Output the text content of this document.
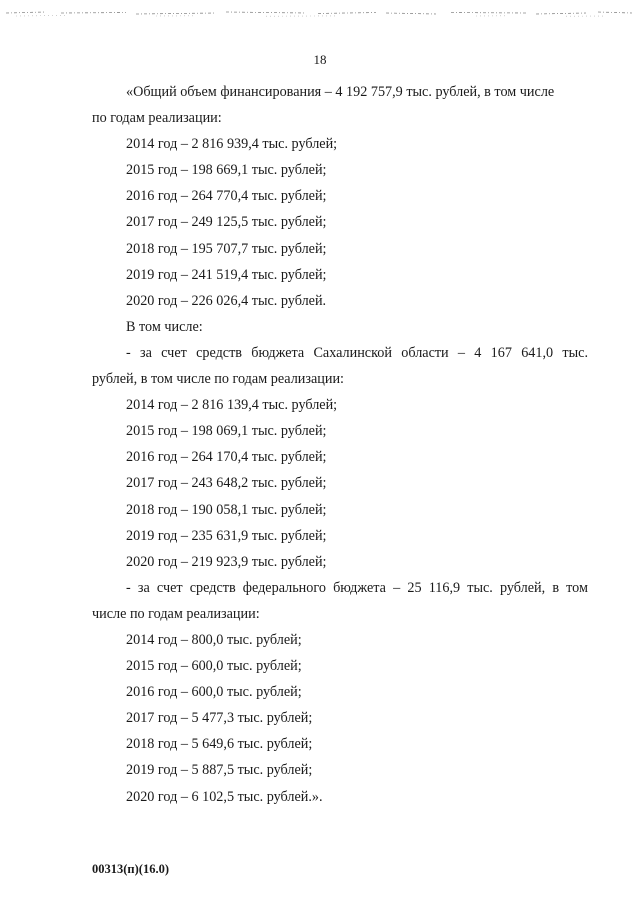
18
«Общий объем финансирования – 4 192 757,9 тыс. рублей, в том числе
по годам реализации:
2014 год – 2 816 939,4 тыс. рублей;
2015 год – 198 669,1 тыс. рублей;
2016 год – 264 770,4 тыс. рублей;
2017 год – 249 125,5 тыс. рублей;
2018 год – 195 707,7 тыс. рублей;
2019 год – 241 519,4 тыс. рублей;
2020 год – 226 026,4 тыс. рублей.
В том числе:
- за счет средств бюджета Сахалинской области – 4 167 641,0 тыс.
рублей, в том числе по годам реализации:
2014 год – 2 816 139,4 тыс. рублей;
2015 год – 198 069,1 тыс. рублей;
2016 год – 264 170,4 тыс. рублей;
2017 год – 243 648,2 тыс. рублей;
2018 год – 190 058,1 тыс. рублей;
2019 год – 235 631,9 тыс. рублей;
2020 год – 219 923,9 тыс. рублей;
- за счет средств федерального бюджета – 25 116,9 тыс. рублей, в том
числе по годам реализации:
2014 год – 800,0 тыс. рублей;
2015 год – 600,0 тыс. рублей;
2016 год – 600,0 тыс. рублей;
2017 год – 5 477,3 тыс. рублей;
2018 год – 5 649,6 тыс. рублей;
2019 год – 5 887,5 тыс. рублей;
2020 год – 6 102,5 тыс. рублей.».
00313(п)(16.0)
